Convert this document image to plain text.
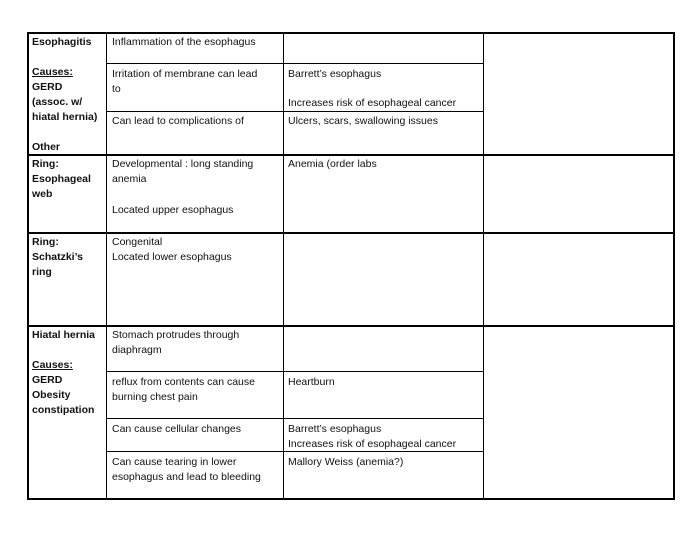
Esophagitis
Causes:
GERD
(assoc. w/
hiatal hernia)
Other
Inflammation of the esophagus
Irritation of membrane can lead
to
Barrett’s esophagus
Increases risk of esophageal cancer
Can lead to complications of	Ulcers, scars, swallowing issues
Ring:
Esophageal
web
Developmental : long standing
anemia
Located upper esophagus
Anemia (order labs
Ring:
Schatzki’s
ring
Congenital
Located lower esophagus
Hiatal hernia
Causes:
GERD
Obesity
constipation
Stomach protrudes through
diaphragm
reflux from contents can cause
burning chest pain
Heartburn
Can cause cellular changes	Barrett’s esophagus
Increases risk of esophageal cancer
Can cause tearing in lower
esophagus and lead to bleeding
Mallory Weiss (anemia?)
